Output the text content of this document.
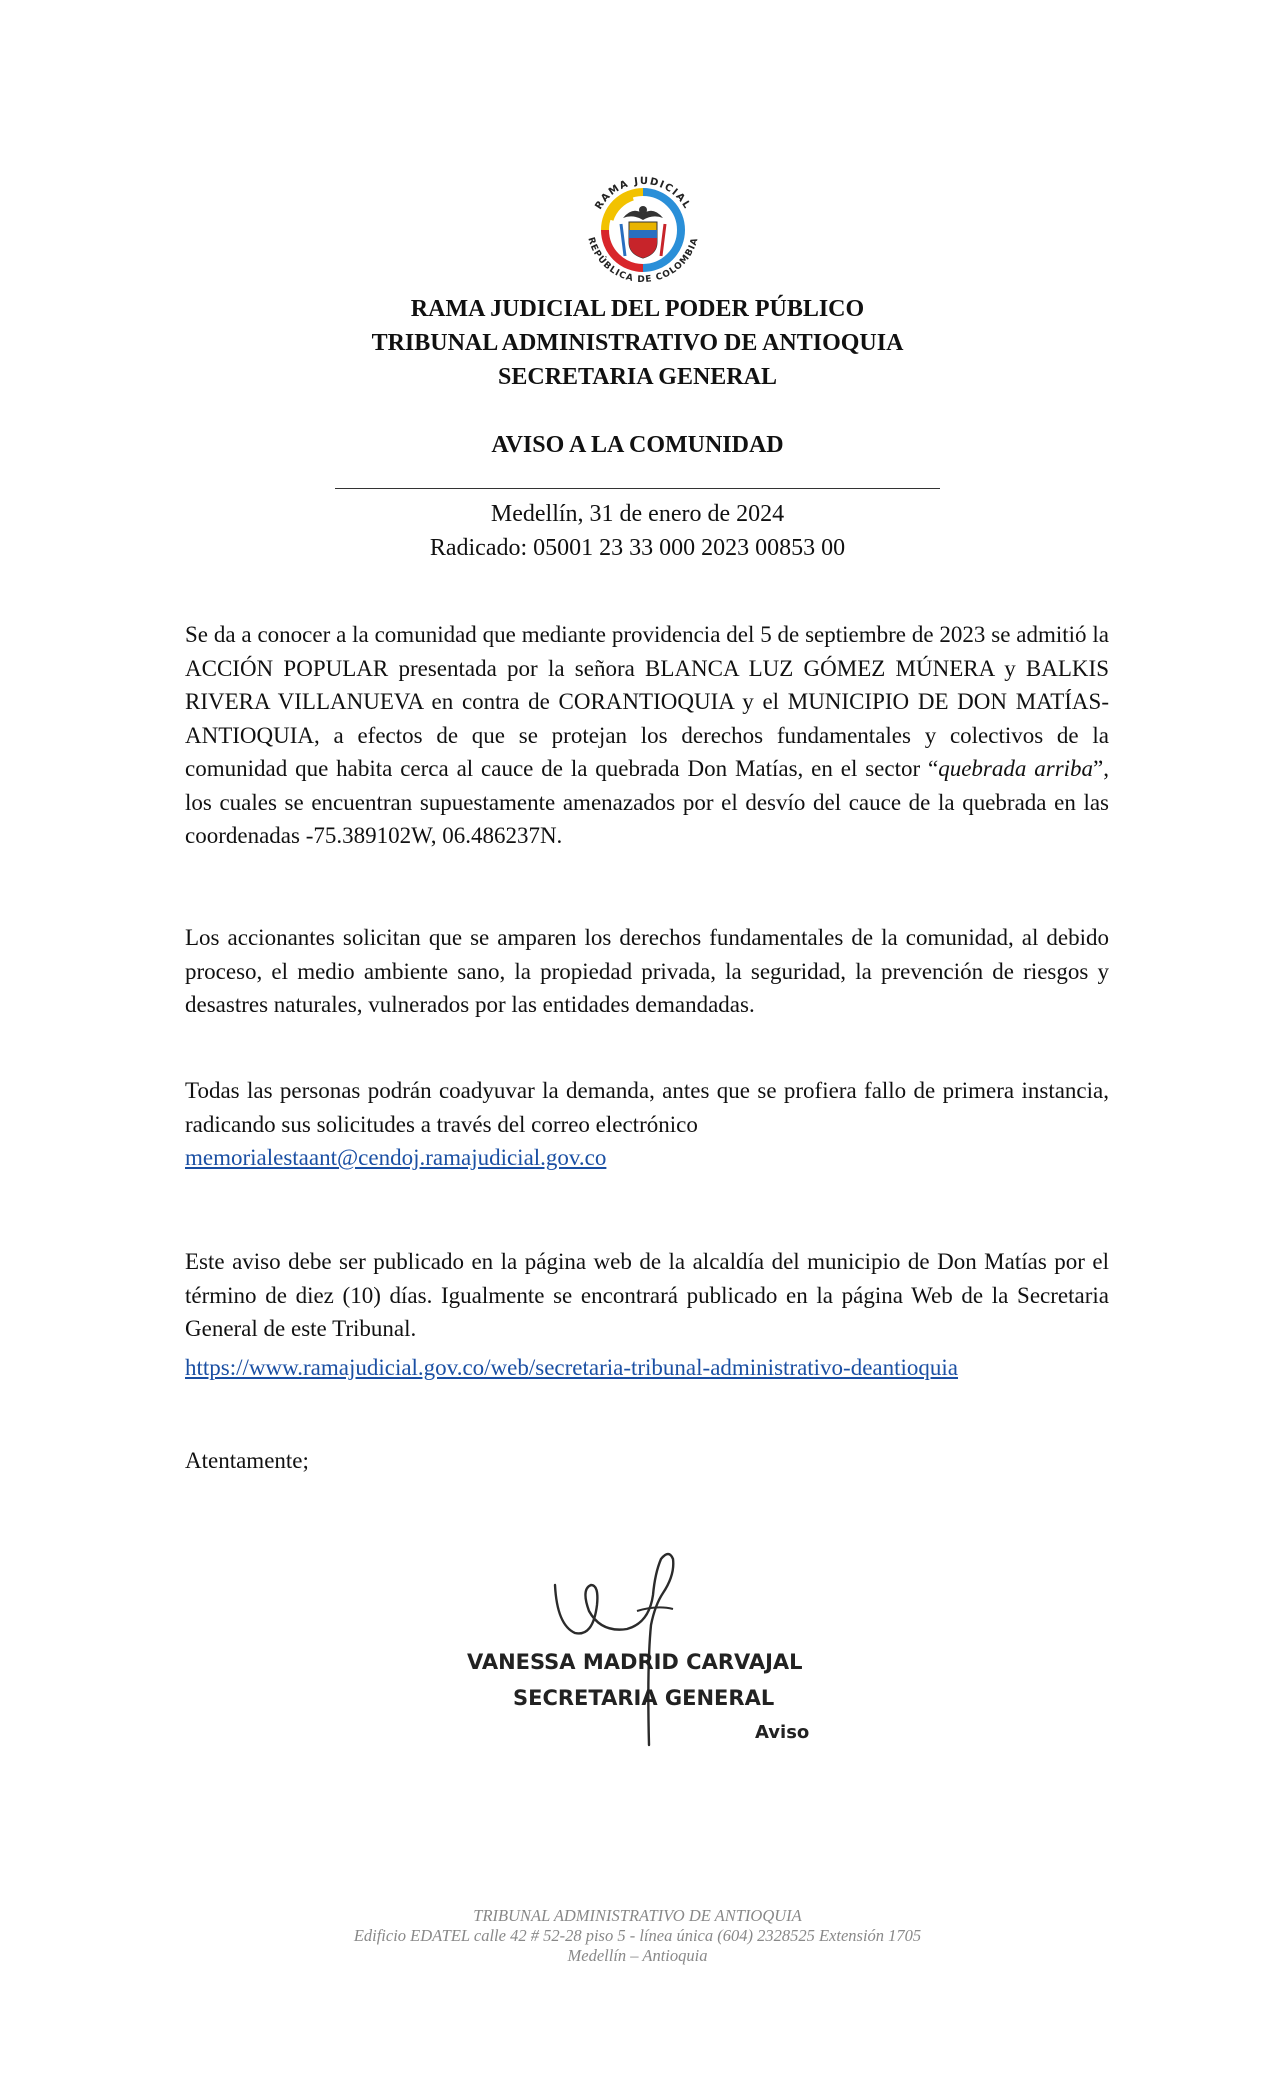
RAMA JUDICIAL
REPÚBLICA DE COLOMBIA
RAMA JUDICIAL DEL PODER PÚBLICO
TRIBUNAL ADMINISTRATIVO DE ANTIOQUIA
SECRETARIA GENERAL
AVISO A LA COMUNIDAD
Medellín, 31 de enero de 2024
Radicado: 05001 23 33 000 2023 00853 00
Se da a conocer a la comunidad que mediante providencia del 5 de septiembre de 2023 se admitió la ACCIÓN POPULAR presentada por la señora BLANCA LUZ GÓMEZ MÚNERA y BALKIS RIVERA VILLANUEVA en contra de CORANTIOQUIA y el MUNICIPIO DE DON MATÍAS-ANTIOQUIA, a efectos de que se protejan los derechos fundamentales y colectivos de la comunidad que habita cerca al cauce de la quebrada Don Matías, en el sector “quebrada arriba”, los cuales se encuentran supuestamente amenazados por el desvío del cauce de la quebrada en las coordenadas -75.389102W, 06.486237N.
Los accionantes solicitan que se amparen los derechos fundamentales de la comunidad, al debido proceso, el medio ambiente sano, la propiedad privada, la seguridad, la prevención de riesgos y desastres naturales, vulnerados por las entidades demandadas.
Todas las personas podrán coadyuvar la demanda, antes que se profiera fallo de primera instancia, radicando sus solicitudes a través del correo electrónico
memorialestaant@cendoj.ramajudicial.gov.co
Este aviso debe ser publicado en la página web de la alcaldía del municipio de Don Matías por el término de diez (10) días. Igualmente se encontrará publicado en la página Web de la Secretaria General de este Tribunal.
https://www.ramajudicial.gov.co/web/secretaria-tribunal-administrativo-deantioquia
Atentamente;
VANESSA MADRID CARVAJAL
SECRETARIA GENERAL
Aviso
TRIBUNAL ADMINISTRATIVO DE ANTIOQUIA
Edificio EDATEL calle 42 # 52-28 piso 5 - línea única (604) 2328525 Extensión 1705
Medellín – Antioquia
